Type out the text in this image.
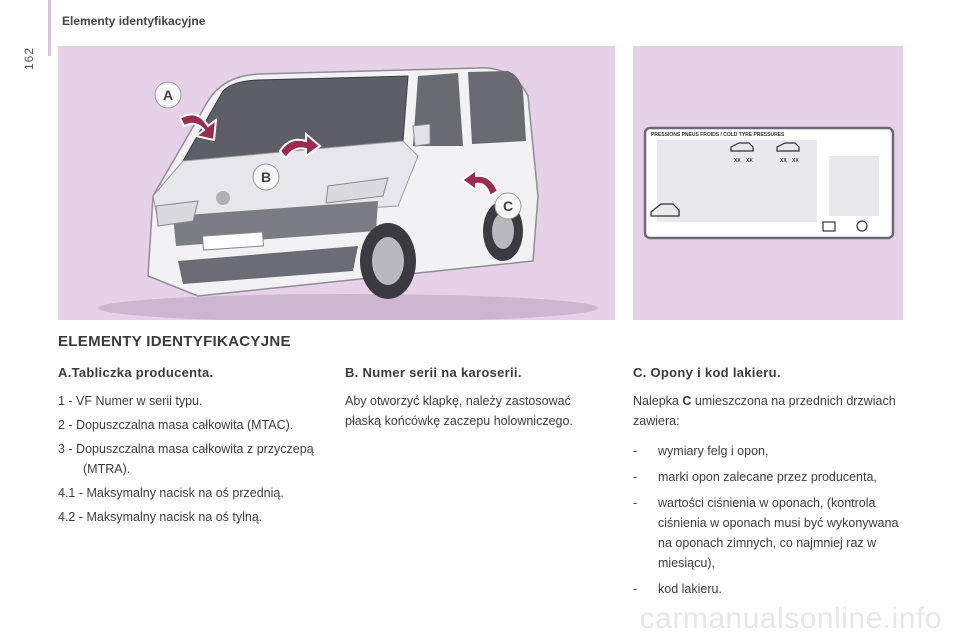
162
Elementy identyfikacyjne
A
B
C
PRESSIONS PNEUS FROIDS / COLD TYRE PRESSURES
XX XX	XX XX
ELEMENTY IDENTYFIKACYJNE
A.Tabliczka producenta.
1 - VF Numer w serii typu.
2 - Dopuszczalna masa całkowita (MTAC).
3 - Dopuszczalna masa całkowita z przyczepą (MTRA).
4.1 - Maksymalny nacisk na oś przednią.
4.2 - Maksymalny nacisk na oś tylną.
B. Numer serii na karoserii.
Aby otworzyć klapkę, należy zastosować płaską końcówkę zaczepu holowniczego.
C. Opony i kod lakieru.
Nalepka C umieszczona na przednich drzwiach zawiera:
- wymiary felg i opon,
- marki opon zalecane przez producenta,
- wartości ciśnienia w oponach, (kontrola ciśnienia w oponach musi być wykonywana na oponach zimnych, co najmniej raz w miesiącu),
- kod lakieru.
carmanualsonline.info
